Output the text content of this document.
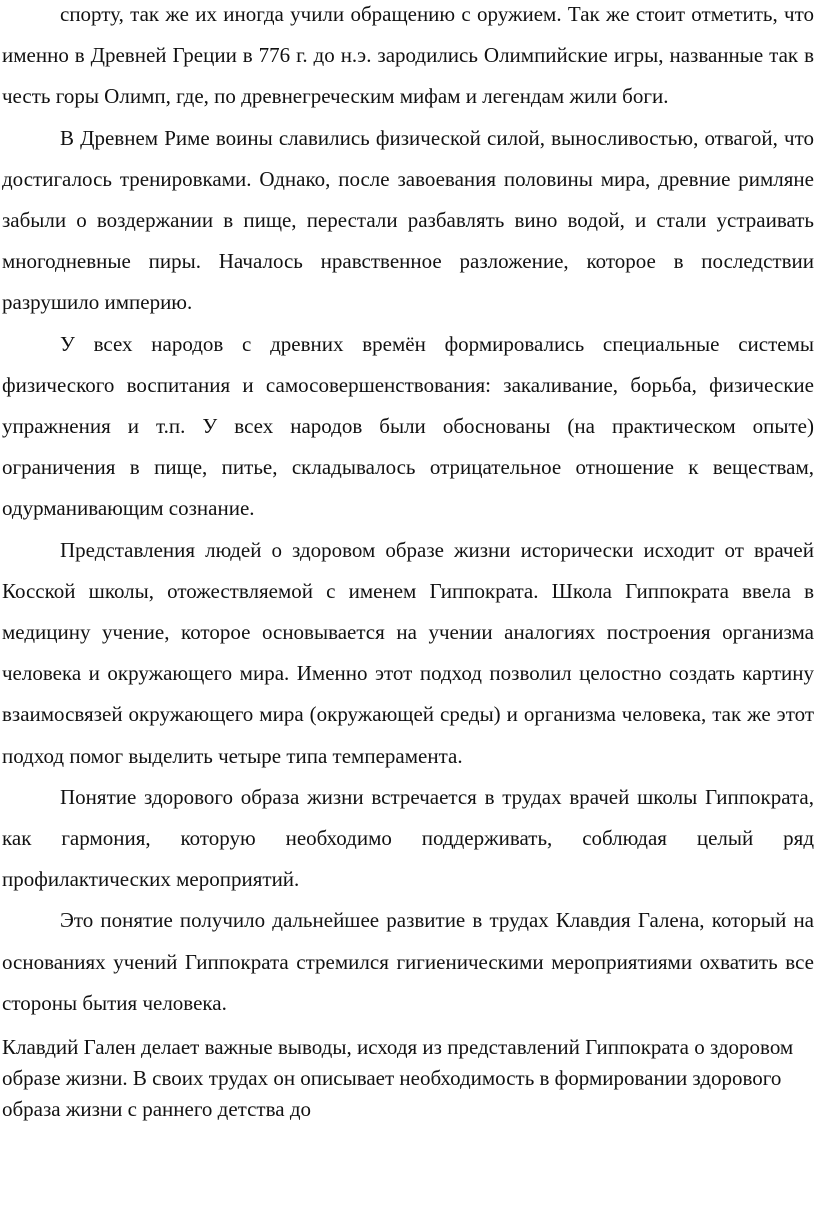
спорту, так же их иногда учили обращению с оружием. Так же стоит отметить, что именно в Древней Греции в 776 г. до н.э. зародились Олимпийские игры, названные так в честь горы Олимп, где, по древнегреческим мифам и легендам жили боги.

В Древнем Риме воины славились физической силой, выносливостью, отвагой, что достигалось тренировками. Однако, после завоевания половины мира, древние римляне забыли о воздержании в пище, перестали разбавлять вино водой, и стали устраивать многодневные пиры. Началось нравственное разложение, которое в последствии разрушило империю.

У всех народов с древних времён формировались специальные системы физического воспитания и самосовершенствования: закаливание, борьба, физические упражнения и т.п. У всех народов были обоснованы (на практическом опыте) ограничения в пище, питье, складывалось отрицательное отношение к веществам, одурманивающим сознание.

Представления людей о здоровом образе жизни исторически исходит от врачей Косской школы, отожествляемой с именем Гиппократа. Школа Гиппократа ввела в медицину учение, которое основывается на учении аналогиях построения организма человека и окружающего мира. Именно этот подход позволил целостно создать картину взаимосвязей окружающего мира (окружающей среды) и организма человека, так же этот подход помог выделить четыре типа темперамента.

Понятие здорового образа жизни встречается в трудах врачей школы Гиппократа, как гармония, которую необходимо поддерживать, соблюдая целый ряд профилактических мероприятий.

Это понятие получило дальнейшее развитие в трудах Клавдия Галена, который на основаниях учений Гиппократа стремился гигиеническими мероприятиями охватить все стороны бытия человека.

Клавдий Гален делает важные выводы, исходя из представлений Гиппократа о здоровом образе жизни. В своих трудах он описывает необходимость в формировании здорового образа жизни с раннего детства до
